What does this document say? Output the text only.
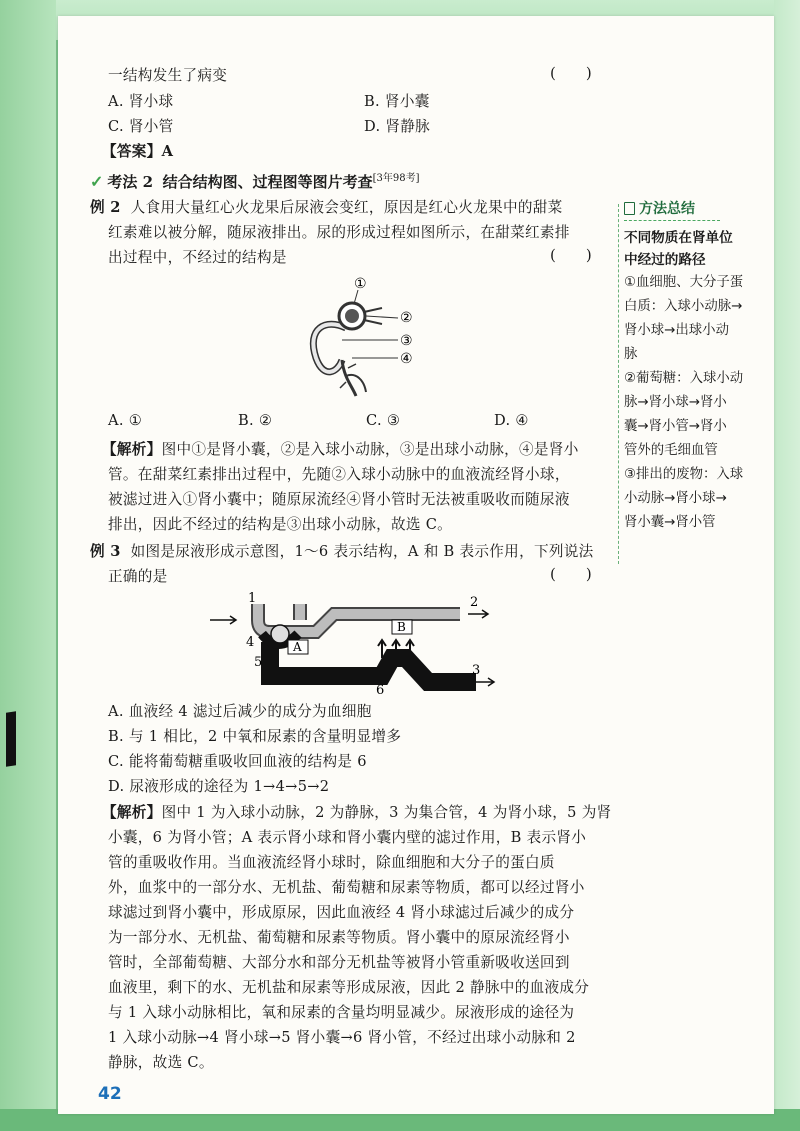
一结构发生了病变	(　　)
A. 肾小球	B. 肾小囊
C. 肾小管	D. 肾静脉
【答案】A
✓ 考法 2 结合结构图、过程图等图片考查[3年98考]
例 2 人食用大量红心火龙果后尿液会变红，原因是红心火龙果中的甜菜
红素难以被分解，随尿液排出。尿的形成过程如图所示，在甜菜红素排
出过程中，不经过的结构是	(　　)
①
②
③
④
A. ①	B. ②	C. ③	D. ④
【解析】图中①是肾小囊，②是入球小动脉，③是出球小动脉，④是肾小
管。在甜菜红素排出过程中，先随②入球小动脉中的血液流经肾小球，
被滤过进入①肾小囊中；随原尿流经④肾小管时无法被重吸收而随尿液
排出，因此不经过的结构是③出球小动脉，故选 C。
例 3 如图是尿液形成示意图，1～6 表示结构，A 和 B 表示作用，下列说法
正确的是	(　　)
A
B
1	2
3
4
5
6
A. 血液经 4 滤过后减少的成分为血细胞
B. 与 1 相比，2 中氧和尿素的含量明显增多
C. 能将葡萄糖重吸收回血液的结构是 6
D. 尿液形成的途径为 1→4→5→2
【解析】图中 1 为入球小动脉，2 为静脉，3 为集合管，4 为肾小球，5 为肾
小囊，6 为肾小管；A 表示肾小球和肾小囊内壁的滤过作用，B 表示肾小
管的重吸收作用。当血液流经肾小球时，除血细胞和大分子的蛋白质
外，血浆中的一部分水、无机盐、葡萄糖和尿素等物质，都可以经过肾小
球滤过到肾小囊中，形成原尿，因此血液经 4 肾小球滤过后减少的成分
为一部分水、无机盐、葡萄糖和尿素等物质。肾小囊中的原尿流经肾小
管时，全部葡萄糖、大部分水和部分无机盐等被肾小管重新吸收送回到
血液里，剩下的水、无机盐和尿素等形成尿液，因此 2 静脉中的血液成分
与 1 入球小动脉相比，氧和尿素的含量均明显减少。尿液形成的途径为
1 入球小动脉→4 肾小球→5 肾小囊→6 肾小管，不经过出球小动脉和 2
静脉，故选 C。
方法总结
不同物质在肾单位
中经过的路径
①血细胞、大分子蛋
白质：入球小动脉→
肾小球→出球小动
脉
②葡萄糖：入球小动
脉→肾小球→肾小
囊→肾小管→肾小
管外的毛细血管
③排出的废物：入球
小动脉→肾小球→
肾小囊→肾小管
42
